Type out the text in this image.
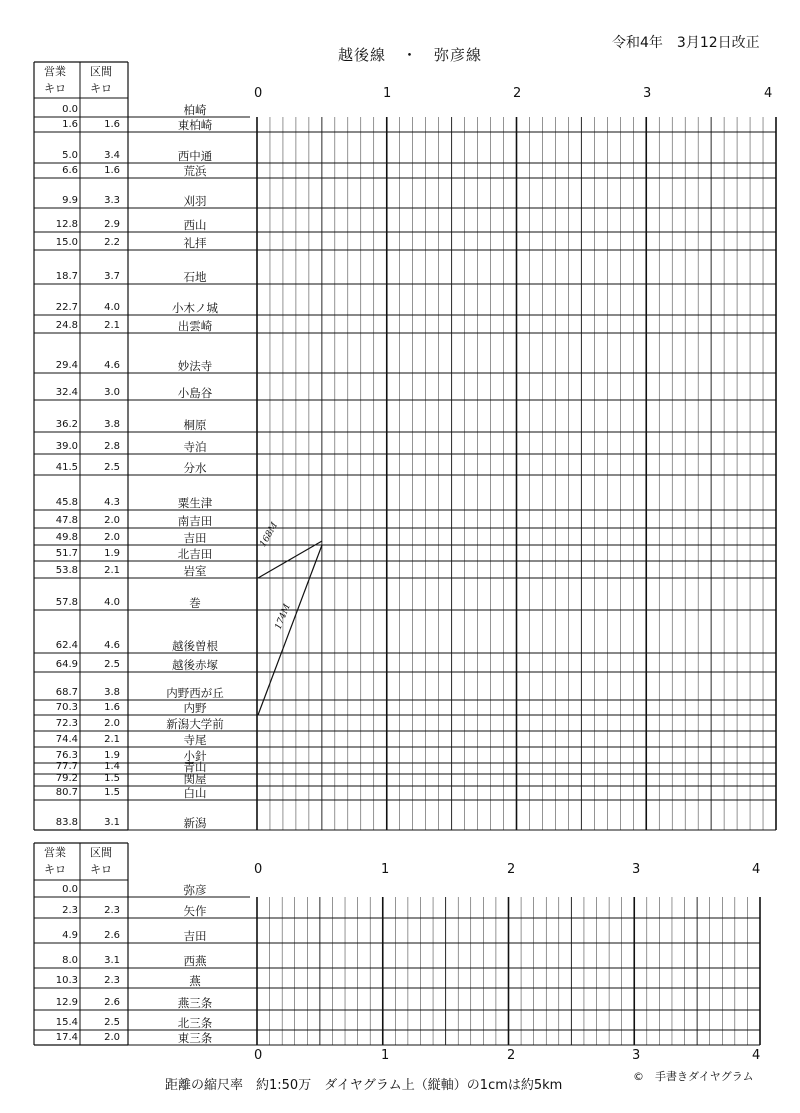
令和4年　3月12日改正
越後線　・　弥彦線
距離の縮尺率　約1:50万　ダイヤグラム上（縦軸）の1cmは約5km
©　手書きダイヤグラム
営業
キロ
区間
キロ	0	1	2	3	4
0.0	柏崎
1.6	1.6	東柏崎
5.0	3.4	西中通
6.6	1.6	荒浜
9.9	3.3	刈羽
12.8	2.9	西山
15.0	2.2	礼拝
18.7	3.7	石地
22.7	4.0	小木ノ城
24.8	2.1	出雲崎
29.4	4.6	妙法寺
32.4	3.0	小島谷
36.2	3.8	桐原
39.0	2.8	寺泊
41.5	2.5	分水
45.8	4.3	粟生津
47.8	2.0	南吉田
49.8	2.0	吉田
51.7	1.9	北吉田
53.8	2.1	岩室
57.8	4.0	巻
62.4	4.6	越後曽根
64.9	2.5	越後赤塚
68.7	3.8	内野西が丘
70.3	1.6	内野
72.3	2.0	新潟大学前
74.4	2.1	寺尾
76.3	1.9	小針
77.7	1.4	青山
79.2	1.5	関屋
80.7	1.5	白山
83.8	3.1	新潟
営業
キロ
区間
キロ	0	1	2	3	4
0	1	2	3	4
0.0	弥彦
2.3	2.3	矢作
4.9	2.6	吉田
8.0	3.1	西燕
10.3	2.3	燕
12.9	2.6	燕三条
15.4	2.5	北三条
17.4	2.0	東三条
168M
174M
